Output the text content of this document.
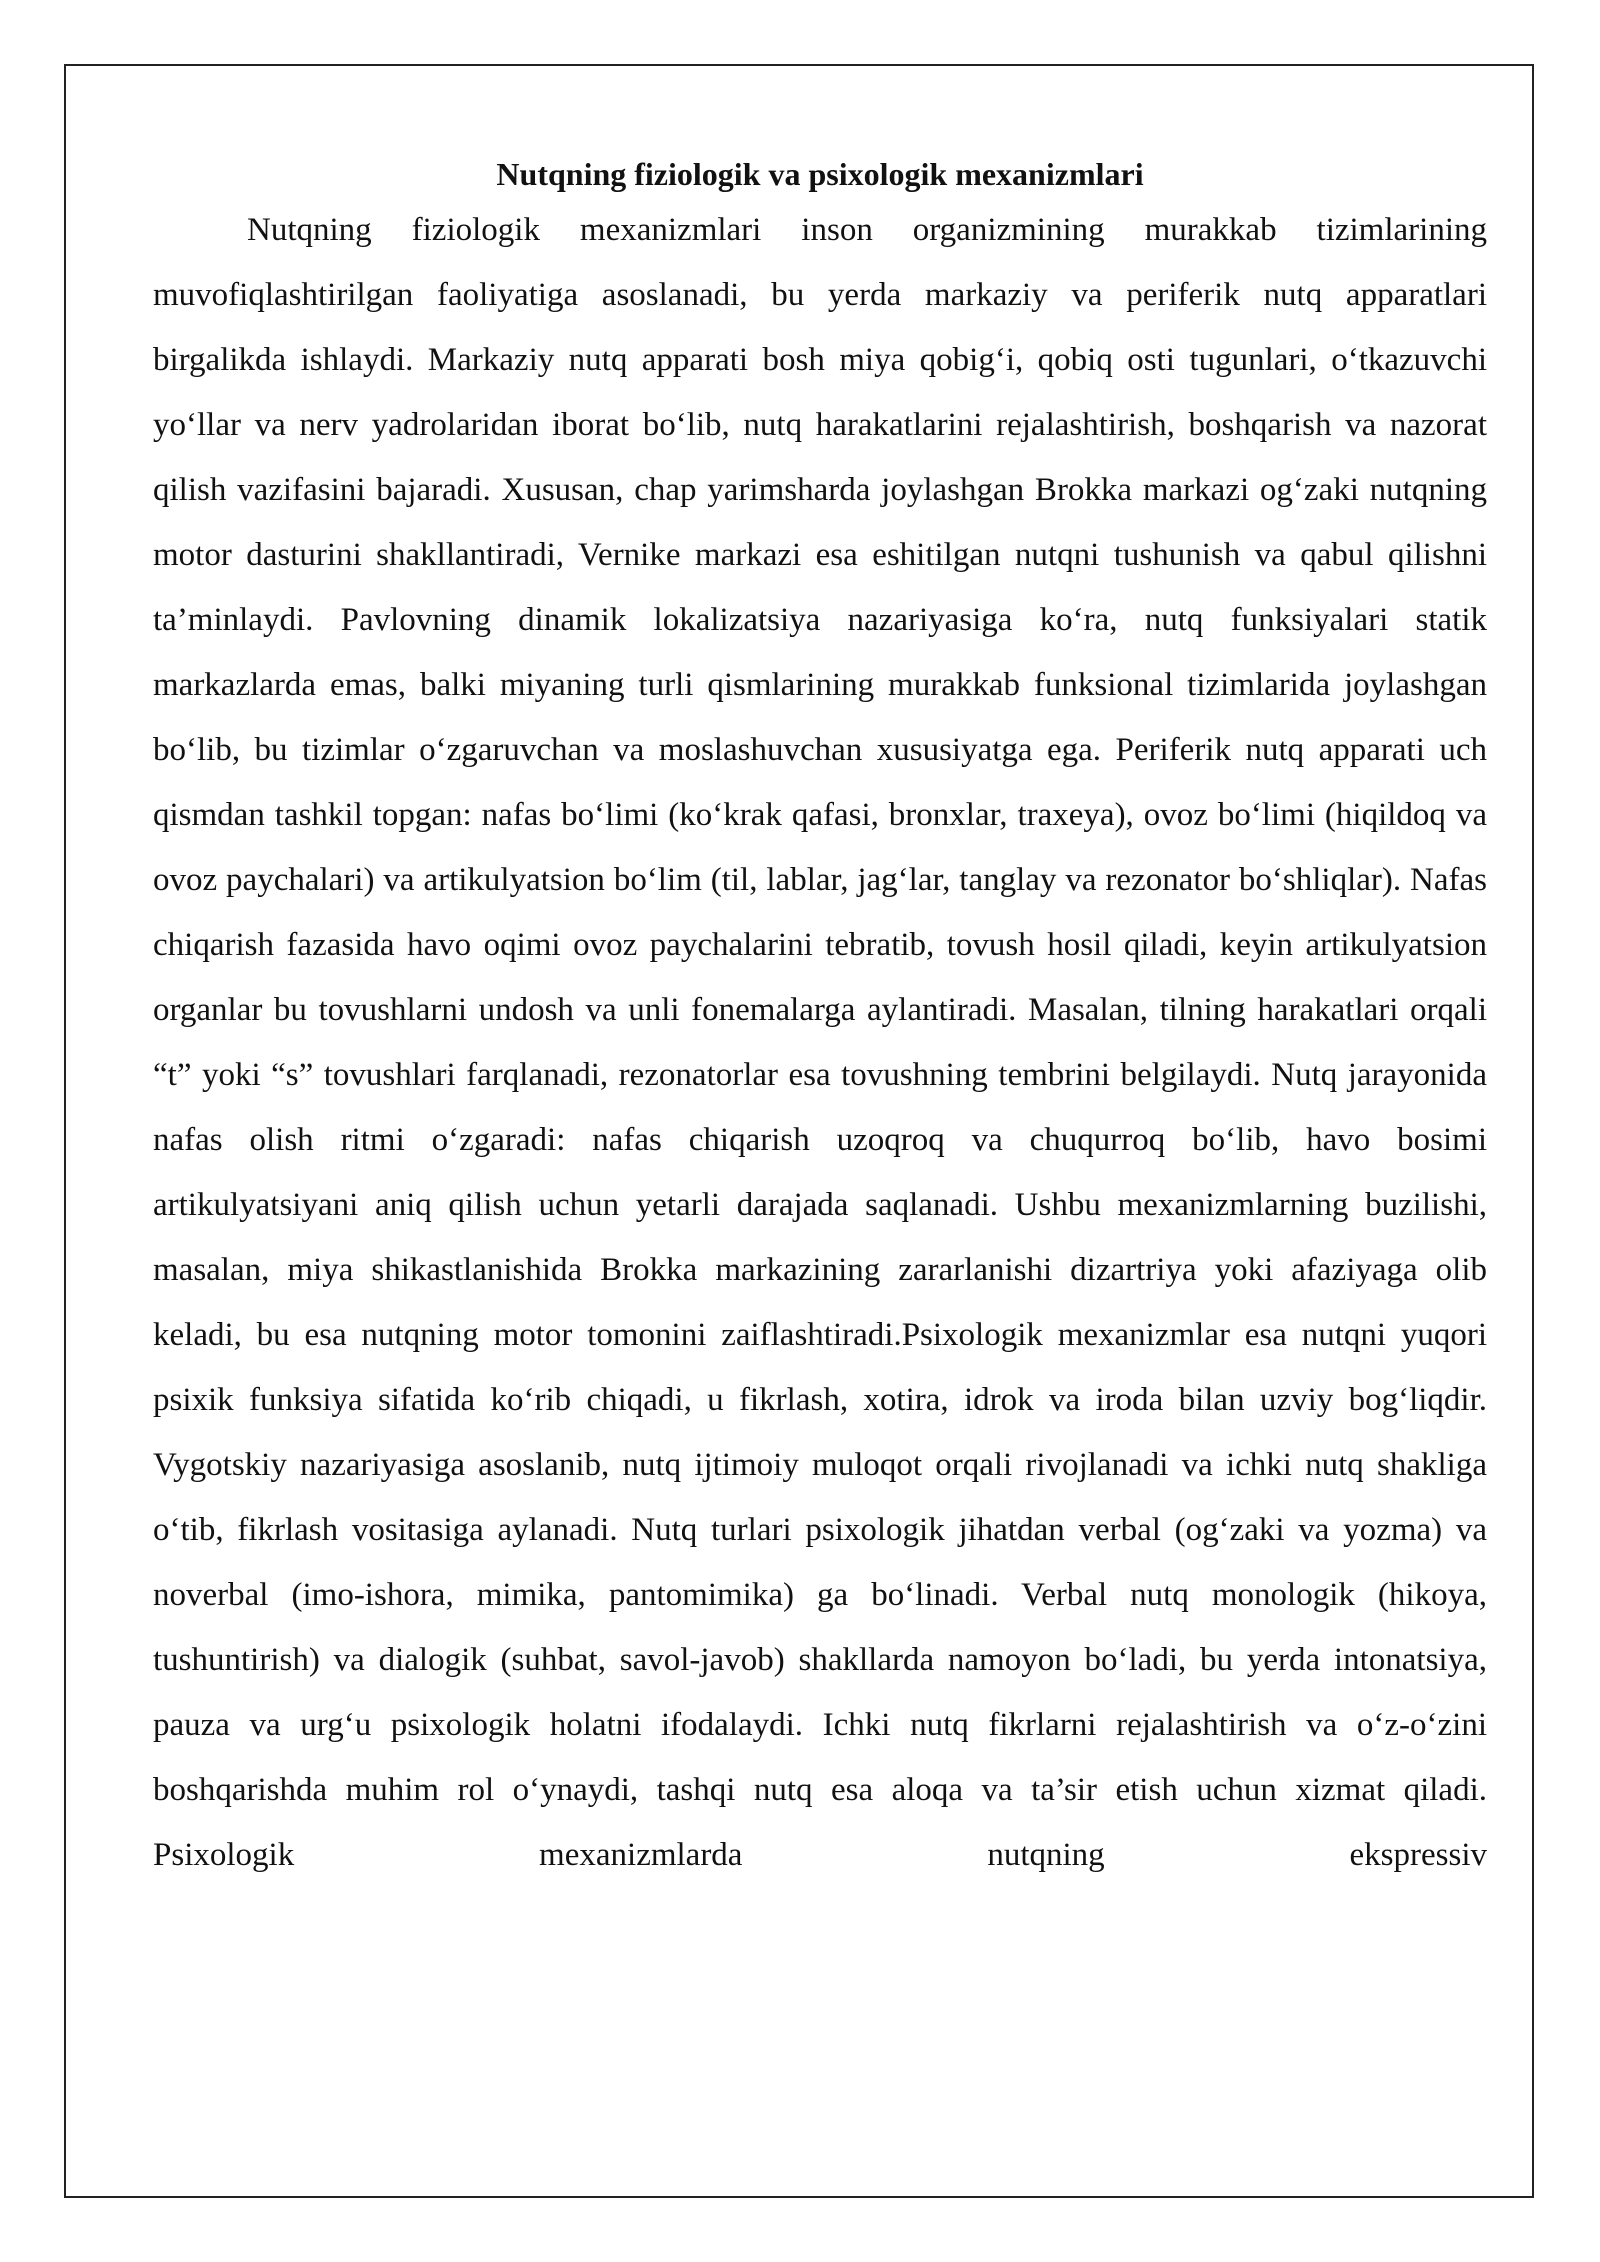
Nutqning fiziologik va psixologik mexanizmlari

Nutqning fiziologik mexanizmlari inson organizmining murakkab tizimlarining muvofiqlashtirilgan faoliyatiga asoslanadi, bu yerda markaziy va periferik nutq apparatlari birgalikda ishlaydi. Markaziy nutq apparati bosh miya qobig‘i, qobiq osti tugunlari, o‘tkazuvchi yo‘llar va nerv yadrolaridan iborat bo‘lib, nutq harakatlarini rejalashtirish, boshqarish va nazorat qilish vazifasini bajaradi. Xususan, chap yarimsharda joylashgan Brokka markazi og‘zaki nutqning motor dasturini shakllantiradi, Vernike markazi esa eshitilgan nutqni tushunish va qabul qilishni ta’minlaydi. Pavlovning dinamik lokalizatsiya nazariyasiga ko‘ra, nutq funksiyalari statik markazlarda emas, balki miyaning turli qismlarining murakkab funksional tizimlarida joylashgan bo‘lib, bu tizimlar o‘zgaruvchan va moslashuvchan xususiyatga ega. Periferik nutq apparati uch qismdan tashkil topgan: nafas bo‘limi (ko‘krak qafasi, bronxlar, traxeya), ovoz bo‘limi (hiqildoq va ovoz paychalari) va artikulyatsion bo‘lim (til, lablar, jag‘lar, tanglay va rezonator bo‘shliqlar). Nafas chiqarish fazasida havo oqimi ovoz paychalarini tebratib, tovush hosil qiladi, keyin artikulyatsion organlar bu tovushlarni undosh va unli fonemalarga aylantiradi. Masalan, tilning harakatlari orqali “t” yoki “s” tovushlari farqlanadi, rezonatorlar esa tovushning tembrini belgilaydi. Nutq jarayonida nafas olish ritmi o‘zgaradi: nafas chiqarish uzoqroq va chuqurroq bo‘lib, havo bosimi artikulyatsiyani aniq qilish uchun yetarli darajada saqlanadi. Ushbu mexanizmlarning buzilishi, masalan, miya shikastlanishida Brokka markazining zararlanishi dizartriya yoki afaziyaga olib keladi, bu esa nutqning motor tomonini zaiflashtiradi.Psixologik mexanizmlar esa nutqni yuqori psixik funksiya sifatida ko‘rib chiqadi, u fikrlash, xotira, idrok va iroda bilan uzviy bog‘liqdir. Vygotskiy nazariyasiga asoslanib, nutq ijtimoiy muloqot orqali rivojlanadi va ichki nutq shakliga o‘tib, fikrlash vositasiga aylanadi. Nutq turlari psixologik jihatdan verbal (og‘zaki va yozma) va noverbal (imo-ishora, mimika, pantomimika) ga bo‘linadi. Verbal nutq monologik (hikoya, tushuntirish) va dialogik (suhbat, savol-javob) shakllarda namoyon bo‘ladi, bu yerda intonatsiya, pauza va urg‘u psixologik holatni ifodalaydi. Ichki nutq fikrlarni rejalashtirish va o‘z-o‘zini boshqarishda muhim rol o‘ynaydi, tashqi nutq esa aloqa va ta’sir etish uchun xizmat qiladi. Psixologik mexanizmlarda nutqning ekspressiv
